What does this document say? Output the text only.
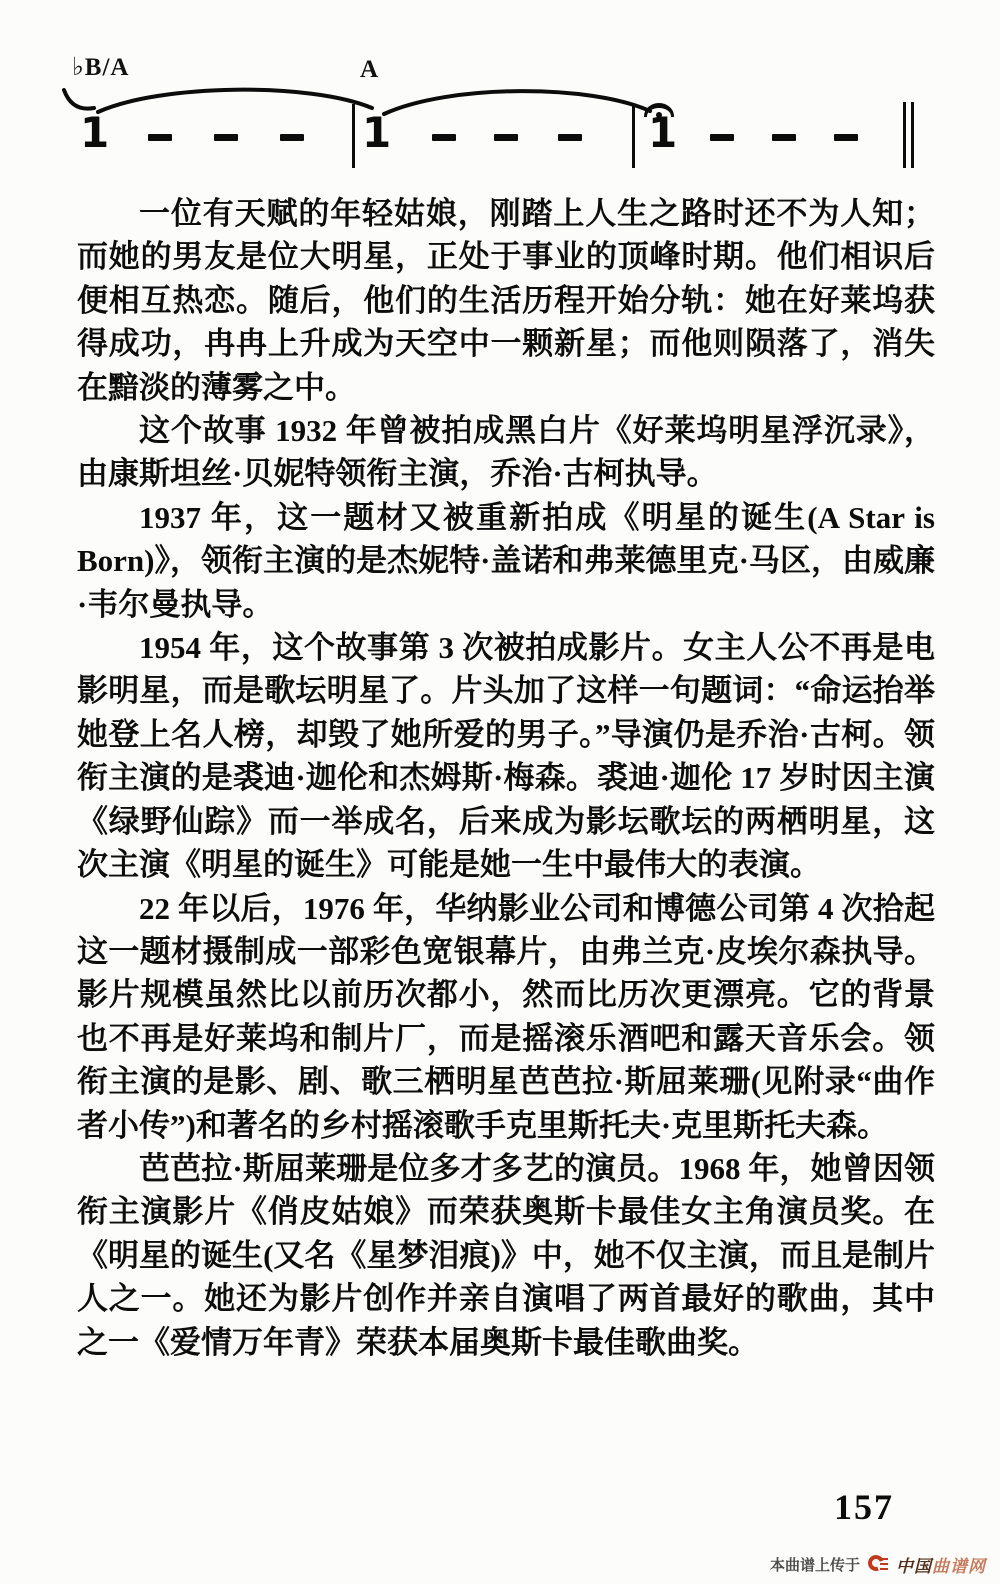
♭B/A	A
1	1	1

一位有天赋的年轻姑娘，刚踏上人生之路时还不为人知；而她的男友是位大明星，正处于事业的顶峰时期。他们相识后便相互热恋。随后，他们的生活历程开始分轨：她在好莱坞获得成功，冉冉上升成为天空中一颗新星；而他则陨落了，消失在黯淡的薄雾之中。

这个故事 1932 年曾被拍成黑白片《好莱坞明星浮沉录》，由康斯坦丝·贝妮特领衔主演，乔治·古柯执导。

1937 年，这一题材又被重新拍成《明星的诞生(A Star is Born)》，领衔主演的是杰妮特·盖诺和弗莱德里克·马区，由威廉·韦尔曼执导。

1954 年，这个故事第 3 次被拍成影片。女主人公不再是电影明星，而是歌坛明星了。片头加了这样一句题词：“命运抬举她登上名人榜，却毁了她所爱的男子。”导演仍是乔治·古柯。领衔主演的是裘迪·迦伦和杰姆斯·梅森。裘迪·迦伦 17 岁时因主演《绿野仙踪》而一举成名，后来成为影坛歌坛的两栖明星，这次主演《明星的诞生》可能是她一生中最伟大的表演。

22 年以后，1976 年，华纳影业公司和博德公司第 4 次拾起这一题材摄制成一部彩色宽银幕片，由弗兰克·皮埃尔森执导。影片规模虽然比以前历次都小，然而比历次更漂亮。它的背景也不再是好莱坞和制片厂，而是摇滚乐酒吧和露天音乐会。领衔主演的是影、剧、歌三栖明星芭芭拉·斯屈莱珊(见附录“曲作者小传”)和著名的乡村摇滚歌手克里斯托夫·克里斯托夫森。

芭芭拉·斯屈莱珊是位多才多艺的演员。1968 年，她曾因领衔主演影片《俏皮姑娘》而荣获奥斯卡最佳女主角演员奖。在《明星的诞生(又名《星梦泪痕)》中，她不仅主演，而且是制片人之一。她还为影片创作并亲自演唱了两首最好的歌曲，其中之一《爱情万年青》荣获本届奥斯卡最佳歌曲奖。

157
本曲谱上传于 中国曲谱网
